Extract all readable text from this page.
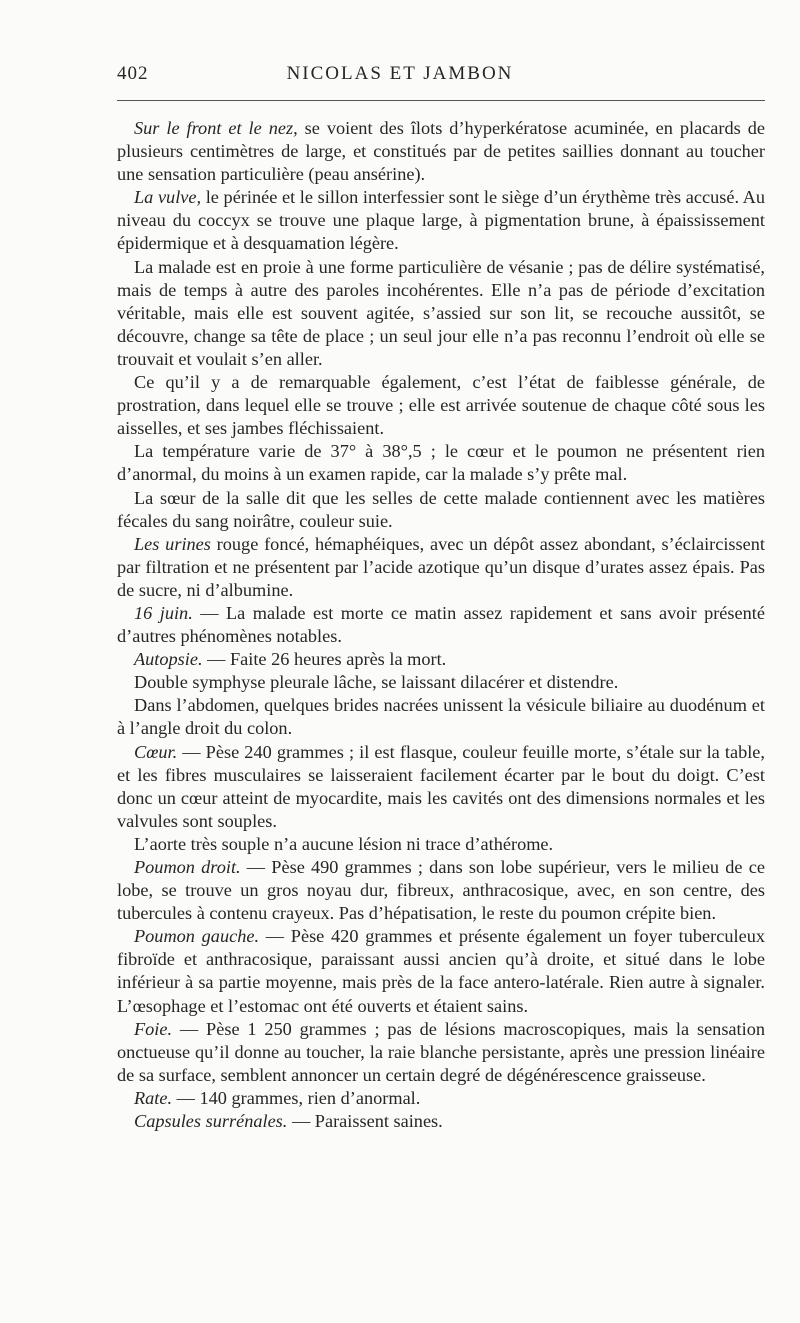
402	NICOLAS ET JAMBON

Sur le front et le nez, se voient des îlots d’hyperkératose acuminée, en placards de plusieurs centimètres de large, et constitués par de petites saillies donnant au toucher une sensation particulière (peau ansérine).

La vulve, le périnée et le sillon interfessier sont le siège d’un érythème très accusé. Au niveau du coccyx se trouve une plaque large, à pigmentation brune, à épaississement épidermique et à desquamation légère.

La malade est en proie à une forme particulière de vésanie ; pas de délire systématisé, mais de temps à autre des paroles incohérentes. Elle n’a pas de période d’excitation véritable, mais elle est souvent agitée, s’assied sur son lit, se recouche aussitôt, se découvre, change sa tête de place ; un seul jour elle n’a pas reconnu l’endroit où elle se trouvait et voulait s’en aller.

Ce qu’il y a de remarquable également, c’est l’état de faiblesse générale, de prostration, dans lequel elle se trouve ; elle est arrivée soutenue de chaque côté sous les aisselles, et ses jambes fléchissaient.

La température varie de 37° à 38°,5 ; le cœur et le poumon ne présentent rien d’anormal, du moins à un examen rapide, car la malade s’y prête mal.

La sœur de la salle dit que les selles de cette malade contiennent avec les matières fécales du sang noirâtre, couleur suie.

Les urines rouge foncé, hémaphéiques, avec un dépôt assez abondant, s’éclaircissent par filtration et ne présentent par l’acide azotique qu’un disque d’urates assez épais. Pas de sucre, ni d’albumine.

16 juin. — La malade est morte ce matin assez rapidement et sans avoir présenté d’autres phénomènes notables.

Autopsie. — Faite 26 heures après la mort.

Double symphyse pleurale lâche, se laissant dilacérer et distendre.

Dans l’abdomen, quelques brides nacrées unissent la vésicule biliaire au duodénum et à l’angle droit du colon.

Cœur. — Pèse 240 grammes ; il est flasque, couleur feuille morte, s’étale sur la table, et les fibres musculaires se laisseraient facilement écarter par le bout du doigt. C’est donc un cœur atteint de myocardite, mais les cavités ont des dimensions normales et les valvules sont souples.

L’aorte très souple n’a aucune lésion ni trace d’athérome.

Poumon droit. — Pèse 490 grammes ; dans son lobe supérieur, vers le milieu de ce lobe, se trouve un gros noyau dur, fibreux, anthracosique, avec, en son centre, des tubercules à contenu crayeux. Pas d’hépatisation, le reste du poumon crépite bien.

Poumon gauche. — Pèse 420 grammes et présente également un foyer tuberculeux fibroïde et anthracosique, paraissant aussi ancien qu’à droite, et situé dans le lobe inférieur à sa partie moyenne, mais près de la face antero-latérale. Rien autre à signaler. L’œsophage et l’estomac ont été ouverts et étaient sains.

Foie. — Pèse 1 250 grammes ; pas de lésions macroscopiques, mais la sensation onctueuse qu’il donne au toucher, la raie blanche persistante, après une pression linéaire de sa surface, semblent annoncer un certain degré de dégénérescence graisseuse.

Rate. — 140 grammes, rien d’anormal.

Capsules surrénales. — Paraissent saines.
